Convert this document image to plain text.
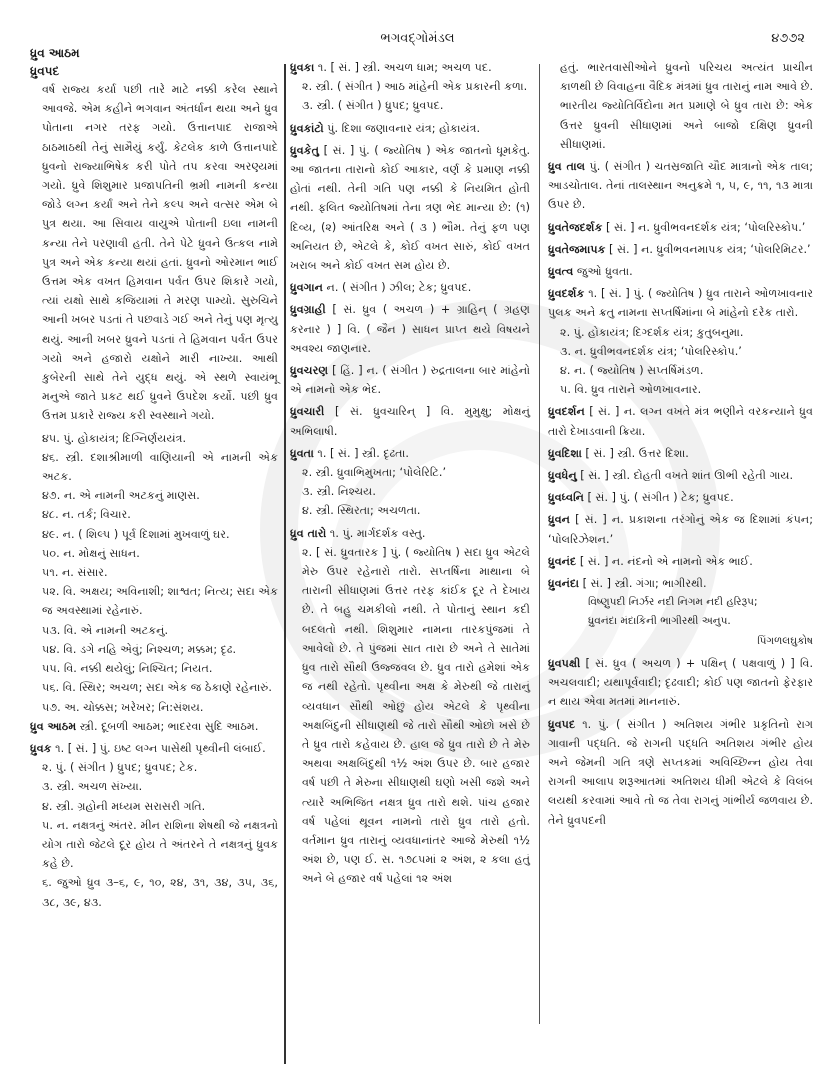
ભગવદ્ગોમંડલ	૪૭૭૨
ધ્રુવ આઠમ
ધ્રુવપદ
વર્ષ રાજ્ય કર્યા પછી તારે માટે નક્કી કરેલ સ્થાને આવજે. એમ કહીને ભગવાન અંતર્ધાન થયા અને ધ્રુવ પોતાના નગર તરફ ગયો. ઉત્તાનપાદ રાજાએ ઠાઠમાઠથી તેનું સામૈયું કર્યું. કેટલેક કાળે ઉત્તાનપાદે ધ્રુવનો રાજ્યાભિષેક કરી પોતે તપ કરવા અરણ્યમાં ગયો. ધ્રુવે શિશુમાર પ્રજાપતિની ભ્રમી નામની કન્યા જોડે લગ્ન કર્યાં અને તેને કલ્પ અને વત્સર એમ બે પુત્ર થયા. આ સિવાય વાયુએ પોતાની ઇલા નામની કન્યા તેને પરણાવી હતી. તેને પેટે ધ્રુવને ઉત્કલ નામે પુત્ર અને એક કન્યા થયાં હતાં. ધ્રુવનો ઓરમાન ભાઈ ઉત્તમ એક વખત હિમવાન પર્વત ઉપર શિકારે ગયો, ત્યાં યક્ષો સાથે કજિયામાં તે મરણ પામ્યો. સુરુચિને આની ખબર પડતાં તે પછવાડે ગઈ અને તેનું પણ મૃત્યુ થયું. આની ખબર ધ્રુવને પડતાં તે હિમવાન પર્વત ઉપર ગયો અને હજારો યક્ષોને મારી નાખ્યા. આથી કુબેરની સાથે તેને યુદ્ધ થયું. એ સ્થળે સ્વાયંભૂ મનુએ જાતે પ્રકટ થઈ ધ્રુવને ઉપદેશ કર્યો. પછી ધ્રુવ ઉત્તમ પ્રકારે રાજ્ય કરી સ્વસ્થાને ગયો.
૪૫. પું. હોકાયંત્ર; દિગ્નિર્ણયયંત્ર.
૪૬. સ્ત્રી. દશાશ્રીમાળી વાણિયાની એ નામની એક અટક.
૪૭. ન. એ નામની અટકનું માણસ.
૪૮. ન. તર્ક; વિચાર.
૪૯. ન. ( શિલ્પ ) પૂર્વ દિશામાં મુખવાળું ઘર.
૫૦. ન. મોક્ષનું સાધન.
૫૧. ન. સંસાર.
૫૨. વિ. અક્ષય; અવિનાશી; શાશ્વત; નિત્ય; સદા એક જ અવસ્થામાં રહેનારું.
૫૩. વિ. એ નામની અટકનું.
૫૪. વિ. ડગે નહિ એવું; નિશ્ચળ; મક્કમ; દૃઢ.
૫૫. વિ. નક્કી થયેલું; નિશ્ચિત; નિયત.
૫૬. વિ. સ્થિર; અચળ; સદા એક જ ઠેકાણે રહેનારું.
૫૭. અ. ચોક્કસ; ખરેખર; નિ:સંશય.
ધ્રુવ આઠમ સ્ત્રી. દૂબળી આઠમ; ભાદરવા સુદિ આઠમ.
ધ્રુવક ૧. [ સં. ] પું. ઇષ્ટ લગ્ન પાસેથી પૃથ્વીની લંબાઈ.
૨. પું. ( સંગીત ) ધ્રુપદ; ધ્રુવપદ; ટેક.
૩. સ્ત્રી. અચળ સંખ્યા.
૪. સ્ત્રી. ગ્રહોની મધ્યમ સરાસરી ગતિ.
૫. ન. નક્ષત્રનું અંતર. મીન રાશિના શેષથી જે નક્ષત્રનો યોગ તારો જેટલે દૂર હોય તે અંતરને તે નક્ષત્રનું ધ્રુવક કહે છે.
૬. જુઓ ધ્રુવ ૩–૬, ૯, ૧૦, ૨૪, ૩૧, ૩૪, ૩૫, ૩૬, ૩૮, ૩૯, ૪૩.
ધ્રુવકા ૧. [ સં. ] સ્ત્રી. અચળ ધામ; અચળ પદ.
૨. સ્ત્રી. ( સંગીત ) આઠ માંહેની એક પ્રકારની કળા.
૩. સ્ત્રી. ( સંગીત ) ધ્રુપદ; ધ્રુવપદ.
ધ્રુવકાંટો પું. દિશા જણાવનાર યંત્ર; હોકાયંત્ર.
ધ્રુવકેતુ [ સં. ] પું. ( જ્યોતિષ ) એક જાતનો ધૂમકેતુ. આ જાતના તારાનો કોઈ આકાર, વર્ણ કે પ્રમાણ નક્કી હોતાં નથી. તેની ગતિ પણ નક્કી કે નિયમિત હોતી નથી. ફલિત જ્યોતિષમાં તેના ત્રણ ભેદ માન્યા છે: (૧) દિવ્ય, (૨) આંતરિક્ષ અને ( ૩ ) ભૌમ. તેનું ફળ પણ અનિયત છે, એટલે કે, કોઈ વખત સારું, કોઈ વખત ખરાબ અને કોઈ વખત સમ હોય છે.
ધ્રુવગાન ન. ( સંગીત ) ઝીલ; ટેક; ધ્રુવપદ.
ધ્રુવગ્રાહી [ સં. ધ્રુવ ( અચળ ) + ગ્રાહિન્ ( ગ્રહણ કરનાર ) ] વિ. ( જૈન ) સાધન પ્રાપ્ત થયે વિષયને અવશ્ય જાણનાર.
ધ્રુવચરણ [ હિં. ] ન. ( સંગીત ) રુદ્રતાલના બાર માંહેનો એ નામનો એક ભેદ.
ધ્રુવચારી [ સં. ધ્રુવચારિન્ ] વિ. મુમુક્ષુ; મોક્ષનું અભિલાષી.
ધ્રુવતા ૧. [ સં. ] સ્ત્રી. દૃઢતા.
૨. સ્ત્રી. ધ્રુવાભિમુખતા; ‘પોલેરિટિ.’
૩. સ્ત્રી. નિશ્ચય.
૪. સ્ત્રી. સ્થિરતા; અચળતા.
ધ્રુવ તારો ૧. પું. માર્ગદર્શક વસ્તુ.
૨. [ સં. ધ્રુવતારક ] પું. ( જ્યોતિષ ) સદા ધ્રુવ એટલે મેરુ ઉપર રહેનારો તારો. સપ્તર્ષિના માથાના બે તારાની સીધાણમાં ઉત્તર તરફ કાંઈક દૂર તે દેખાય છે. તે બહુ ચમકીલો નથી. તે પોતાનું સ્થાન કદી બદલતો નથી. શિશુમાર નામના તારકપુંજમાં તે આવેલો છે. તે પુંજમાં સાત તારા છે અને તે સાતેમાં ધ્રુવ તારો સૌથી ઉજ્જવલ છે. ધ્રુવ તારો હમેશાં એક જ નથી રહેતો. પૃથ્વીના અક્ષ કે મેરુથી જે તારાનું વ્યવધાન સૌથી ઓછું હોય એટલે કે પૃથ્વીના અક્ષબિંદુની સીધાણથી જે તારો સૌથી ઓછો ખસે છે તે ધ્રુવ તારો કહેવાય છે. હાલ જે ધ્રુવ તારો છે તે મેરુ અથવા અક્ષબિંદુથી ૧½ અંશ ઉપર છે. બાર હજાર વર્ષ પછી તે મેરુના સીધાણથી ઘણો ખસી જશે અને ત્યારે અભિજિત નક્ષત્ર ધ્રુવ તારો થશે. પાંચ હજાર વર્ષ પહેલાં થૂવન નામનો તારો ધ્રુવ તારો હતો. વર્તમાન ધ્રુવ તારાનું વ્યવધાનાંતર આજે મેરુથી ૧½ અંશ છે, પણ ઈ. સ. ૧૭૮૫માં ૨ અંશ, ૨ કલા હતું અને બે હજાર વર્ષ પહેલાં ૧૨ અંશ
હતું. ભારતવાસીઓને ધ્રુવનો પરિચય અત્યંત પ્રાચીન કાળથી છે વિવાહના વૈદિક મંત્રમાં ધ્રુવ તારાનું નામ આવે છે. ભારતીય જ્યોતિર્વિદોના મત પ્રમાણે બે ધ્રુવ તારા છે: એક ઉત્તર ધ્રુવની સીધાણમાં અને બાજો દક્ષિણ ધ્રુવની સીધાણમાં.
ધ્રુવ તાલ પું. ( સંગીત ) ચતસ્રજાતિ ચૌદ માત્રાનો એક તાલ; આડચોતાલ. તેનાં તાલસ્થાન અનુક્રમે ૧, ૫, ૯, ૧૧, ૧૩ માત્રા ઉપર છે.
ધ્રુવતેજદર્શક [ સં. ] ન. ધ્રુવીભવનદર્શક યંત્ર; ‘પોલરિસ્કોપ.’
ધ્રુવતેજમાપક [ સં. ] ન. ધ્રુવીભવનમાપક યંત્ર; ‘પોલરિમિટર.’
ધ્રુવત્વ જુઓ ધ્રુવતા.
ધ્રુવદર્શક ૧. [ સં. ] પું. ( જ્યોતિષ ) ધ્રુવ તારાને ઓળખાવનાર પુલક અને ક્રતુ નામના સપ્તર્ષિમાંના બે માંહેનો દરેક તારો.
૨. પું. હોકાયંત્ર; દિગ્દર્શક યંત્ર; કુતુબનુમા.
૩. ન. ધ્રુવીભવનદર્શક યંત્ર; ‘પોલરિસ્કોપ.’
૪. ન. ( જ્યોતિષ ) સપ્તર્ષિમંડળ.
૫. વિ. ધ્રુવ તારાને ઓળખાવનાર.
ધ્રુવદર્શન [ સં. ] ન. લગ્ન વખતે મંત્ર ભણીને વરકન્યાને ધ્રુવ તારો દેખાડવાની ક્રિયા.
ધ્રુવદિશા [ સં. ] સ્ત્રી. ઉત્તર દિશા.
ધ્રુવધેનુ [ સં. ] સ્ત્રી. દોહતી વખતે શાંત ઊભી રહેતી ગાય.
ધ્રુવધ્વનિ [ સં. ] પું. ( સંગીત ) ટેક; ધ્રુવપદ.
ધ્રુવન [ સં. ] ન. પ્રકાશના તરંગોનું એક જ દિશામાં કંપન; ‘પોલરિઝેશન.’
ધ્રુવનંદ [ સં. ] ન. નંદનો એ નામનો એક ભાઈ.
ધ્રુવનંદા [ સં. ] સ્ત્રી. ગંગા; ભાગીરથી.
વિષ્ણુપદી નિર્ઝર નદી નિગમ નદી હરિરૂપ;
ધ્રુવનંદા મંદાકિની ભાગીરથી અનુપ.
પિંગળલઘુકોષ
ધ્રુવપક્ષી [ સં. ધ્રુવ ( અચળ ) + પક્ષિન્ ( પક્ષવાળું ) ] વિ. અચલવાદી; યથાપૂર્વવાદી; દૃઢવાદી; કોઈ પણ જાતનો ફેરફાર ન થાય એવા મતમાં માનનારું.
ધ્રુવપદ ૧. પું. ( સંગીત ) અતિશય ગંભીર પ્રકૃતિનો રાગ ગાવાની પદ્ધતિ. જે રાગની પદ્ધતિ અતિશય ગંભીર હોય અને જેમની ગતિ ત્રણે સપ્તકમાં અવિચ્છિન્ન હોય તેવા રાગની આલાપ શરૂઆતમાં અતિશય ધીમી એટલે કે વિલંબ લયથી કરવામાં આવે તો જ તેવા રાગનું ગાંભીર્ય જળવાય છે. તેને ધ્રુવપદની
